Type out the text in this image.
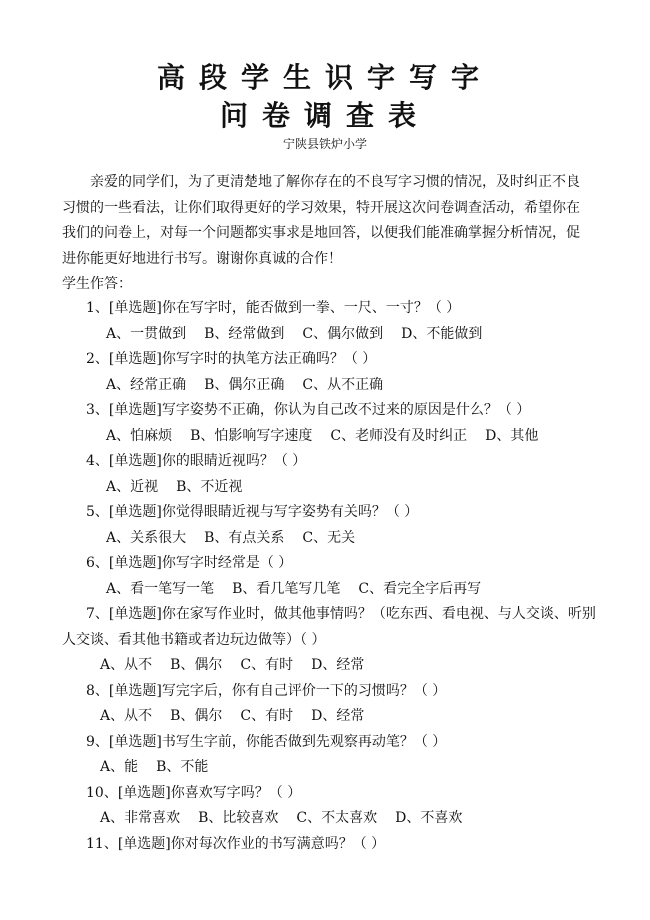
高段学生识字写字
问卷调查表
宁陕县铁炉小学

亲爱的同学们，为了更清楚地了解你存在的不良写字习惯的情况，及时纠正不良习惯的一些看法，让你们取得更好的学习效果，特开展这次问卷调查活动，希望你在我们的问卷上，对每一个问题都实事求是地回答，以便我们能准确掌握分析情况，促进你能更好地进行书写。谢谢你真诚的合作！

学生作答：
1、[单选题]你在写字时，能否做到一拳、一尺、一寸？（ ）
A、一贯做到 B、经常做到 C、偶尔做到 D、不能做到
2、[单选题]你写字时的执笔方法正确吗？（ ）
A、经常正确 B、偶尔正确 C、从不正确
3、[单选题]写字姿势不正确，你认为自己改不过来的原因是什么？（ ）
A、怕麻烦 B、怕影响写字速度 C、老师没有及时纠正 D、其他
4、[单选题]你的眼睛近视吗？（ ）
A、近视 B、不近视
5、[单选题]你觉得眼睛近视与写字姿势有关吗？（ ）
A、关系很大 B、有点关系 C、无关
6、[单选题]你写字时经常是（ ）
A、看一笔写一笔 B、看几笔写几笔 C、看完全字后再写
7、[单选题]你在家写作业时，做其他事情吗？（吃东西、看电视、与人交谈、听别人交谈、看其他书籍或者边玩边做等）（ ）
A、从不 B、偶尔 C、有时 D、经常
8、[单选题]写完字后，你有自己评价一下的习惯吗？（ ）
A、从不 B、偶尔 C、有时 D、经常
9、[单选题]书写生字前，你能否做到先观察再动笔？（ ）
A、能 B、不能
10、[单选题]你喜欢写字吗？（ ）
A、非常喜欢 B、比较喜欢 C、不太喜欢 D、不喜欢
11、[单选题]你对每次作业的书写满意吗？（ ）
